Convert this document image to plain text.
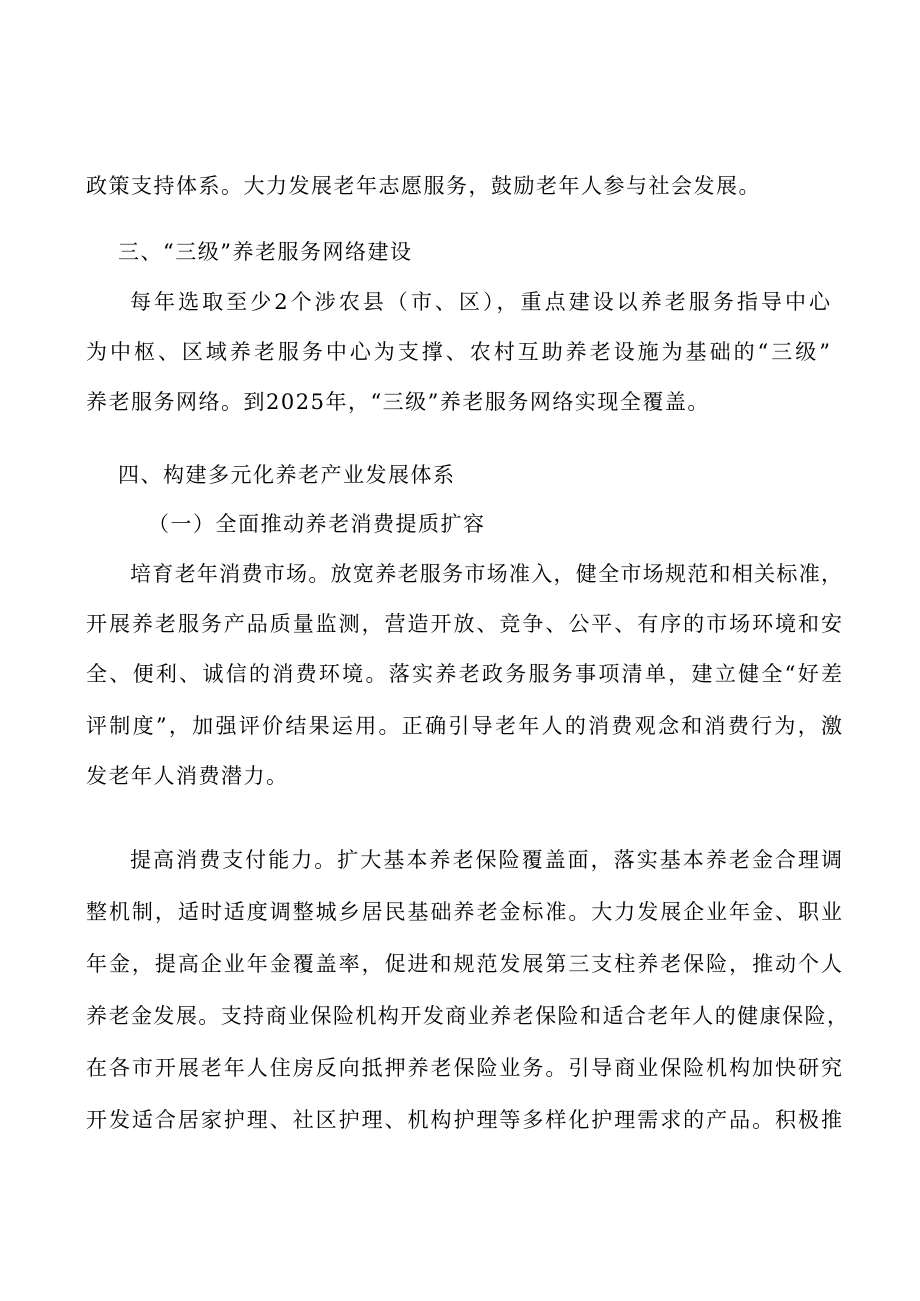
政策支持体系。大力发展老年志愿服务，鼓励老年人参与社会发展。
三、“三级”养老服务网络建设
每年选取至少2个涉农县（市、区），重点建设以养老服务指导中心
为中枢、区域养老服务中心为支撑、农村互助养老设施为基础的“三级”
养老服务网络。到2025年，“三级”养老服务网络实现全覆盖。
四、构建多元化养老产业发展体系
（一）全面推动养老消费提质扩容
培育老年消费市场。放宽养老服务市场准入，健全市场规范和相关标准，
开展养老服务产品质量监测，营造开放、竞争、公平、有序的市场环境和安
全、便利、诚信的消费环境。落实养老政务服务事项清单，建立健全“好差
评制度”，加强评价结果运用。正确引导老年人的消费观念和消费行为，激
发老年人消费潜力。
提高消费支付能力。扩大基本养老保险覆盖面，落实基本养老金合理调
整机制，适时适度调整城乡居民基础养老金标准。大力发展企业年金、职业
年金，提高企业年金覆盖率，促进和规范发展第三支柱养老保险，推动个人
养老金发展。支持商业保险机构开发商业养老保险和适合老年人的健康保险，
在各市开展老年人住房反向抵押养老保险业务。引导商业保险机构加快研究
开发适合居家护理、社区护理、机构护理等多样化护理需求的产品。积极推
